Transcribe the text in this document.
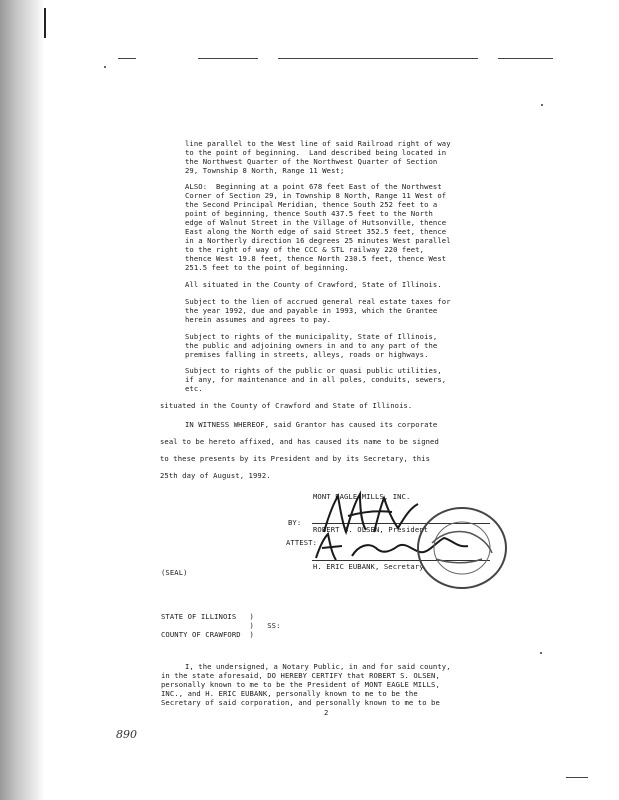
line parallel to the West line of said Railroad right of way
to the point of beginning.  Land described being located in
the Northwest Quarter of the Northwest Quarter of Section
29, Township 8 North, Range 11 West;
ALSO:  Beginning at a point 678 feet East of the Northwest
Corner of Section 29, in Township 8 North, Range 11 West of
the Second Principal Meridian, thence South 252 feet to a
point of beginning, thence South 437.5 feet to the North
edge of Walnut Street in the Village of Hutsonville, thence
East along the North edge of said Street 352.5 feet, thence
in a Northerly direction 16 degrees 25 minutes West parallel
to the right of way of the CCC & STL railway 220 feet,
thence West 19.8 feet, thence North 230.5 feet, thence West
251.5 feet to the point of beginning.
All situated in the County of Crawford, State of Illinois.
Subject to the lien of accrued general real estate taxes for
the year 1992, due and payable in 1993, which the Grantee
herein assumes and agrees to pay.
Subject to rights of the municipality, State of Illinois,
the public and adjoining owners in and to any part of the
premises falling in streets, alleys, roads or highways.
Subject to rights of the public or quasi public utilities,
if any, for maintenance and in all poles, conduits, sewers,
etc.
situated in the County of Crawford and State of Illinois.
IN WITNESS WHEREOF, said Grantor has caused its corporate
seal to be hereto affixed, and has caused its name to be signed
to these presents by its President and by its Secretary, this
25th day of August, 1992.
MONT EAGLE MILLS, INC.
BY:
ROBERT S. OLSEN, President
ATTEST:
H. ERIC EUBANK, Secretary
(SEAL)
STATE OF ILLINOIS   )
)   SS:
COUNTY OF CRAWFORD  )
I, the undersigned, a Notary Public, in and for said county,
in the state aforesaid, DO HEREBY CERTIFY that ROBERT S. OLSEN,
personally known to me to be the President of MONT EAGLE MILLS,
INC., and H. ERIC EUBANK, personally known to me to be the
Secretary of said corporation, and personally known to me to be
2
890
